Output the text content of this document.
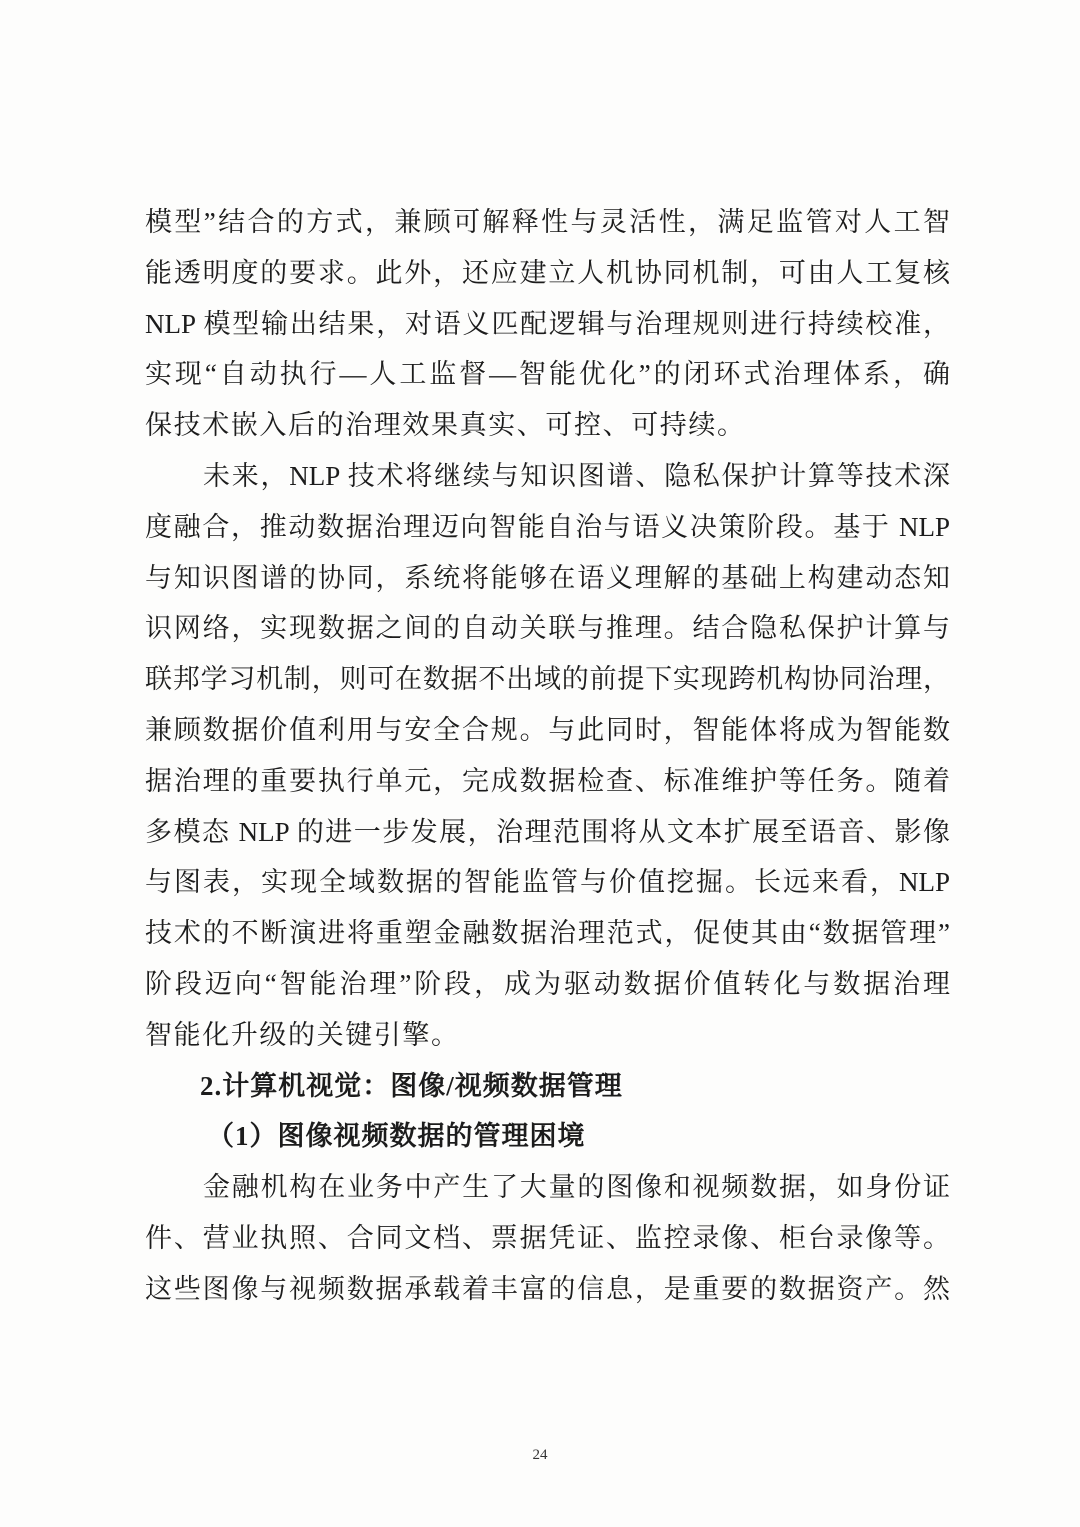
模型”结合的方式，兼顾可解释性与灵活性，满足监管对人工智
能透明度的要求。此外，还应建立人机协同机制，可由人工复核
NLP 模型输出结果，对语义匹配逻辑与治理规则进行持续校准，
实现“自动执行—人工监督—智能优化”的闭环式治理体系，确
保技术嵌入后的治理效果真实、可控、可持续。
未来，NLP 技术将继续与知识图谱、隐私保护计算等技术深
度融合，推动数据治理迈向智能自治与语义决策阶段。基于 NLP
与知识图谱的协同，系统将能够在语义理解的基础上构建动态知
识网络，实现数据之间的自动关联与推理。结合隐私保护计算与
联邦学习机制，则可在数据不出域的前提下实现跨机构协同治理，
兼顾数据价值利用与安全合规。与此同时，智能体将成为智能数
据治理的重要执行单元，完成数据检查、标准维护等任务。随着
多模态 NLP 的进一步发展，治理范围将从文本扩展至语音、影像
与图表，实现全域数据的智能监管与价值挖掘。长远来看，NLP
技术的不断演进将重塑金融数据治理范式，促使其由“数据管理”
阶段迈向“智能治理”阶段，成为驱动数据价值转化与数据治理
智能化升级的关键引擎。
2.计算机视觉：图像/视频数据管理
（1）图像视频数据的管理困境
金融机构在业务中产生了大量的图像和视频数据，如身份证
件、营业执照、合同文档、票据凭证、监控录像、柜台录像等。
这些图像与视频数据承载着丰富的信息，是重要的数据资产。然
24
